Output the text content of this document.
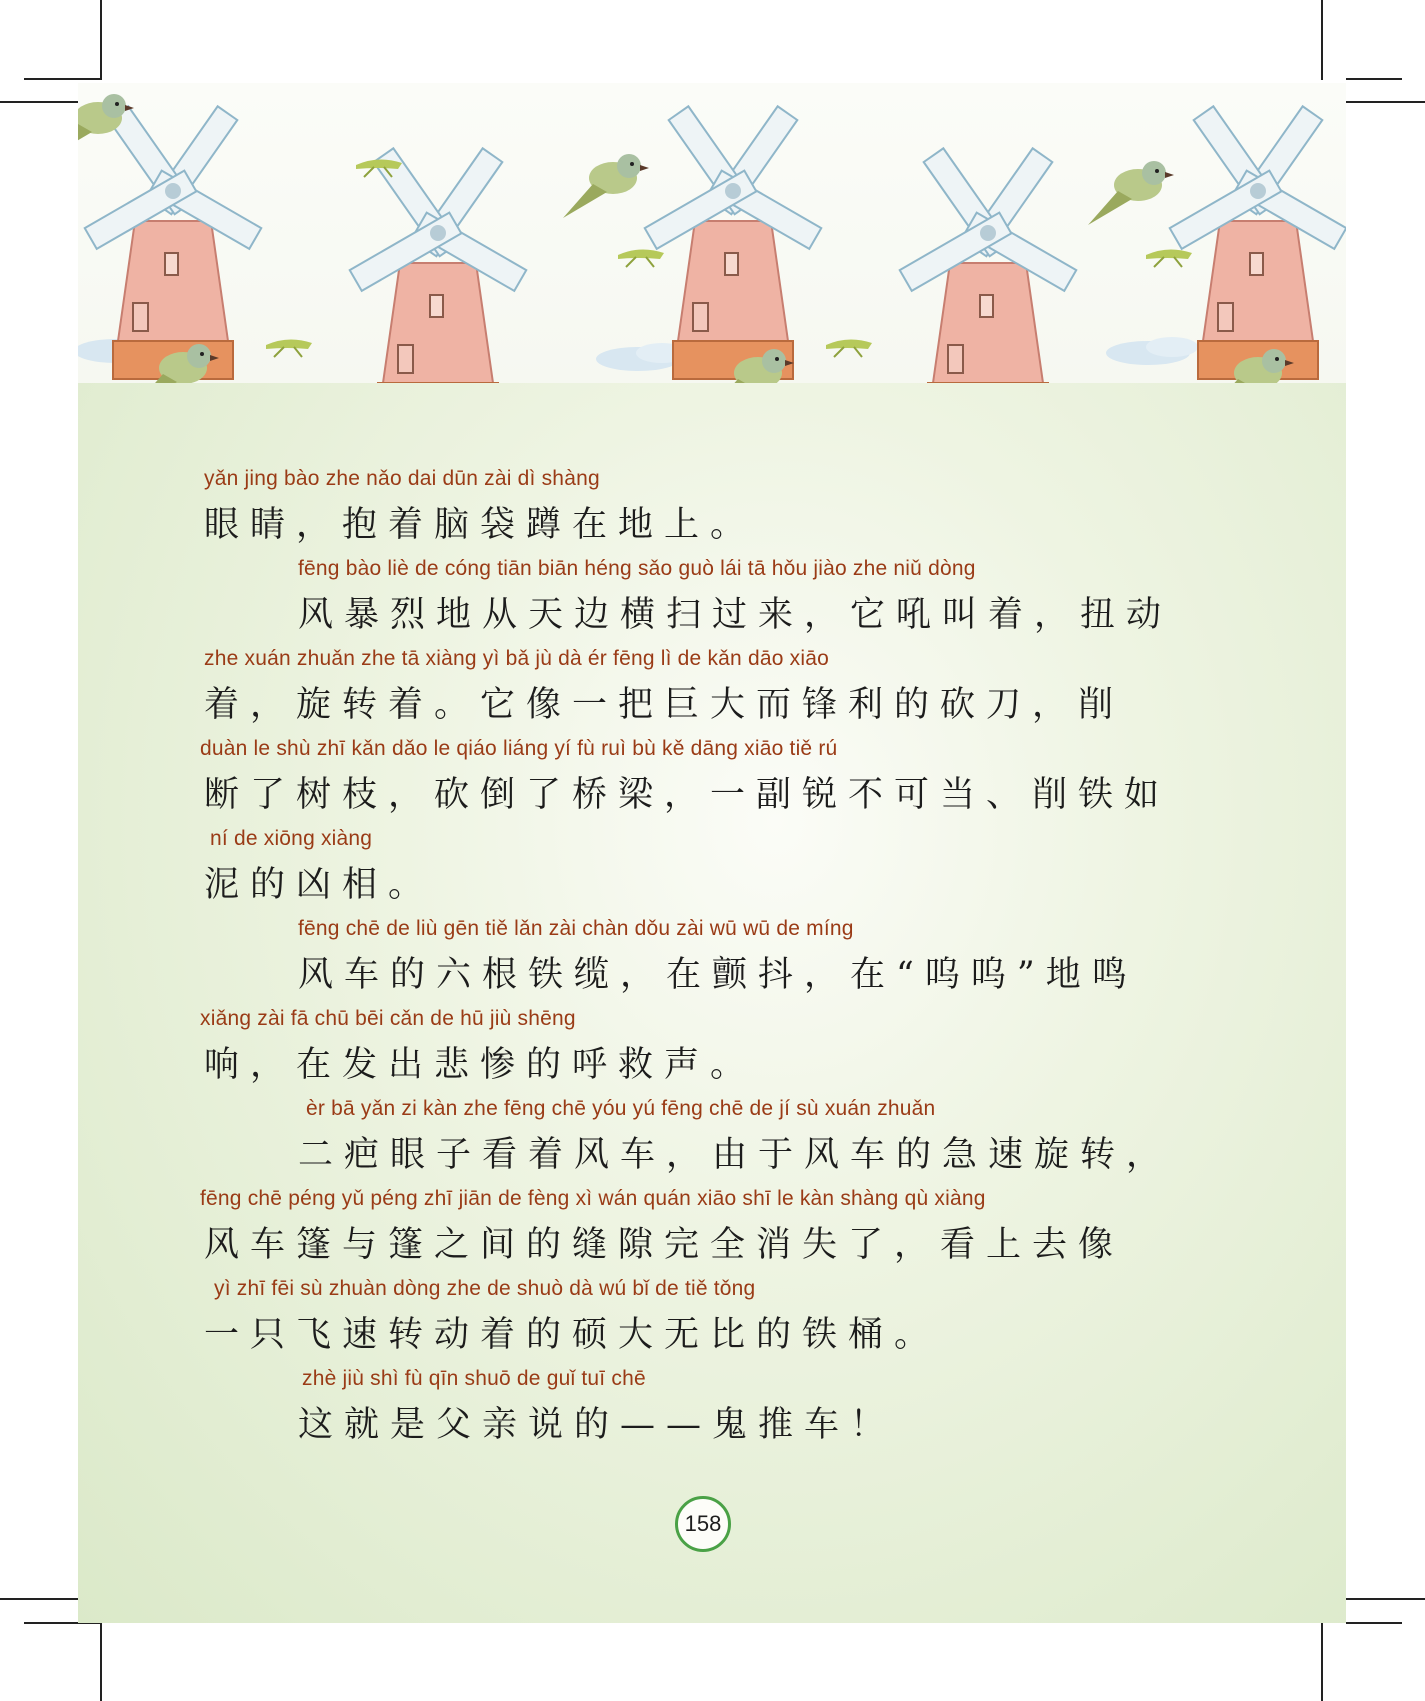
yǎn jing bào zhe nǎo dai dūn zài dì shàng
眼睛，抱着脑袋蹲在地上。
fēng bào liè de cóng tiān biān héng sǎo guò lái tā hǒu jiào zhe niǔ dòng
风暴烈地从天边横扫过来，它吼叫着，扭动
zhe xuán zhuǎn zhe tā xiàng yì bǎ jù dà ér fēng lì de kǎn dāo xiāo
着，旋转着。它像一把巨大而锋利的砍刀，削
duàn le shù zhī kǎn dǎo le qiáo liáng yí fù ruì bù kě dāng xiāo tiě rú
断了树枝，砍倒了桥梁，一副锐不可当、削铁如
ní de xiōng xiàng
泥的凶相。
fēng chē de liù gēn tiě lǎn zài chàn dǒu zài wū wū de míng
风车的六根铁缆，在颤抖，在“呜呜”地鸣
xiǎng zài fā chū bēi cǎn de hū jiù shēng
响，在发出悲惨的呼救声。
èr bā yǎn zi kàn zhe fēng chē yóu yú fēng chē de jí sù xuán zhuǎn
二疤眼子看着风车，由于风车的急速旋转，
fēng chē péng yǔ péng zhī jiān de fèng xì wán quán xiāo shī le kàn shàng qù xiàng
风车篷与篷之间的缝隙完全消失了，看上去像
yì zhī fēi sù zhuàn dòng zhe de shuò dà wú bǐ de tiě tǒng
一只飞速转动着的硕大无比的铁桶。
zhè jiù shì fù qīn shuō de guǐ tuī chē
这就是父亲说的——鬼推车！
158
